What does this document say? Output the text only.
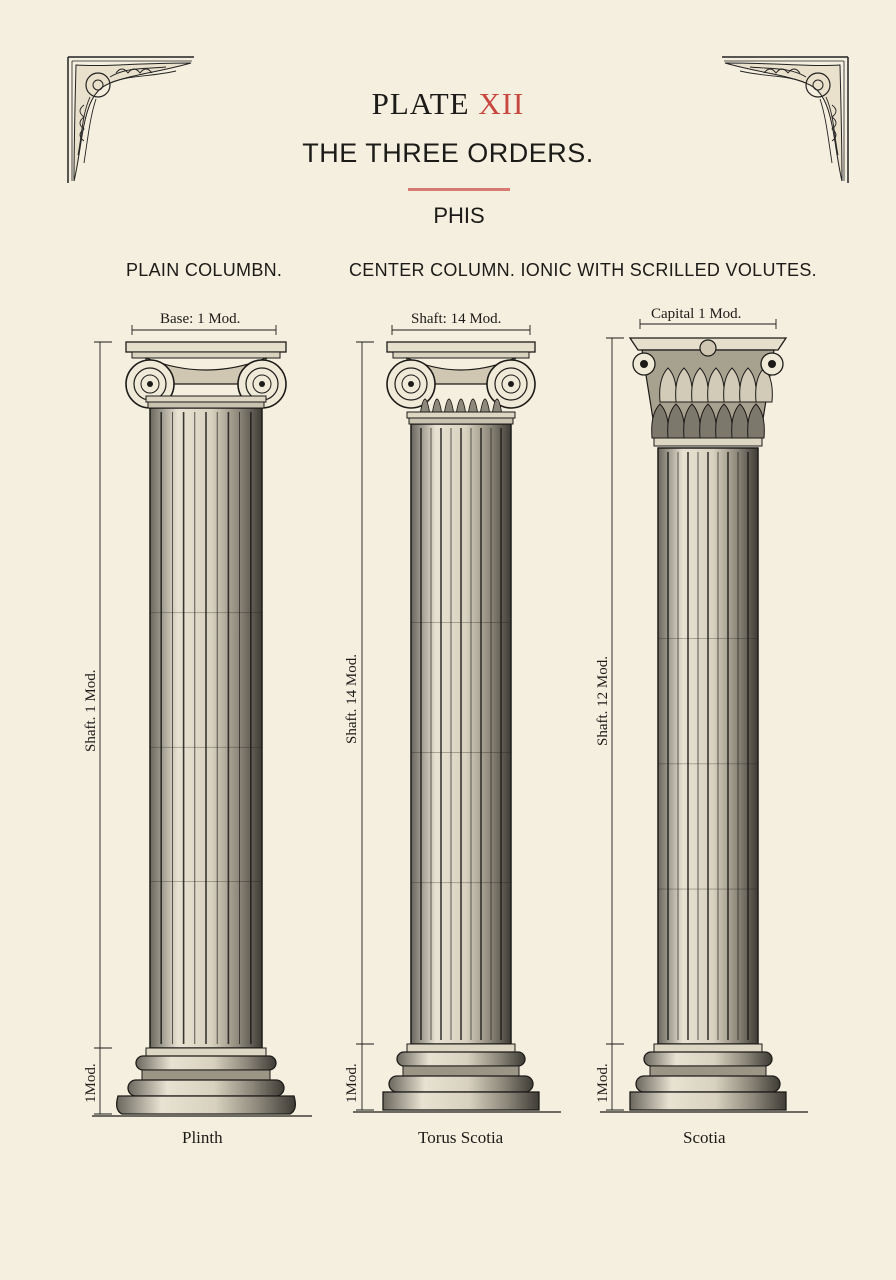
PLATE XII
THE THREE ORDERS.
PHIS
PLAIN COLUMBN.	CENTER COLUMN. IONIC WITH SCRILLED VOLUTES.
Base: 1 Mod.	Shaft: 14 Mod.	Capital 1 Mod.
Shaft. 1 Mod.	Shaft. 14 Mod.	Shaft. 12 Mod.
1Mod.	1Mod.	1Mod.
Plinth	Torus Scotia	Scotia
